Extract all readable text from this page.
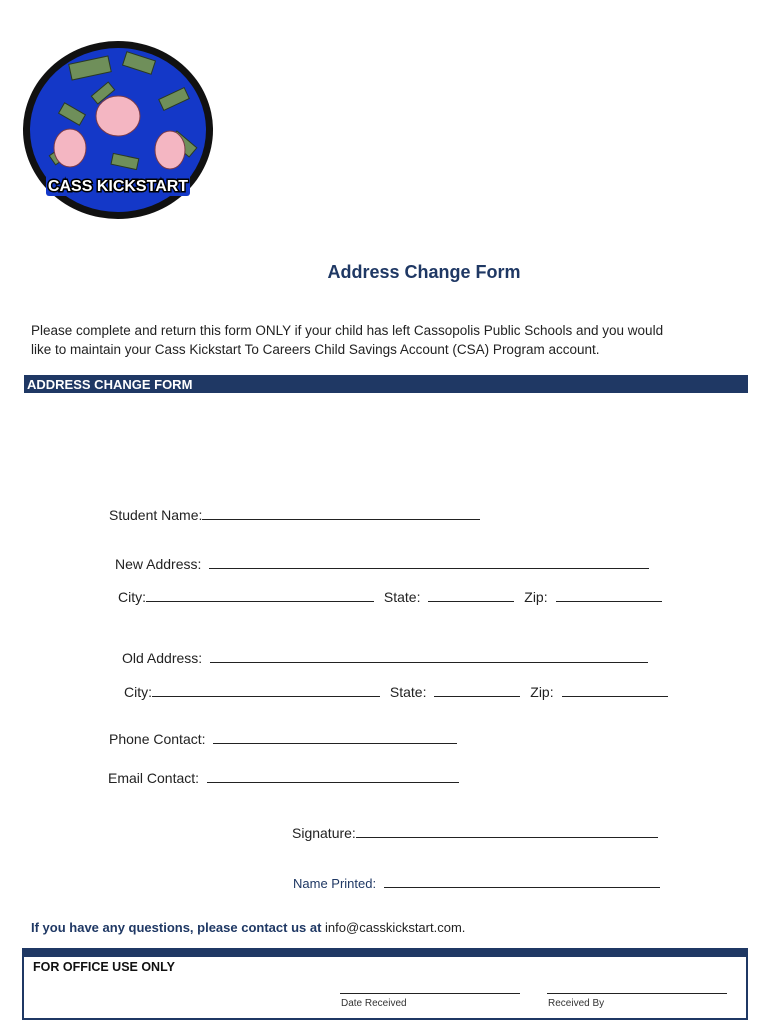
CASS KICKSTART
Address Change Form
Please complete and return this form ONLY if your child has left Cassopolis Public Schools and you would
like to maintain your Cass Kickstart To Careers Child Savings Account (CSA) Program account.
ADDRESS CHANGE FORM
Student Name:
New Address:
City:	State:	Zip:
Old Address:
City:	State:	Zip:
Phone Contact:
Email Contact:
Signature:
Name Printed:
If you have any questions, please contact us at info@casskickstart.com.
FOR OFFICE USE ONLY
Date Received	Received By
